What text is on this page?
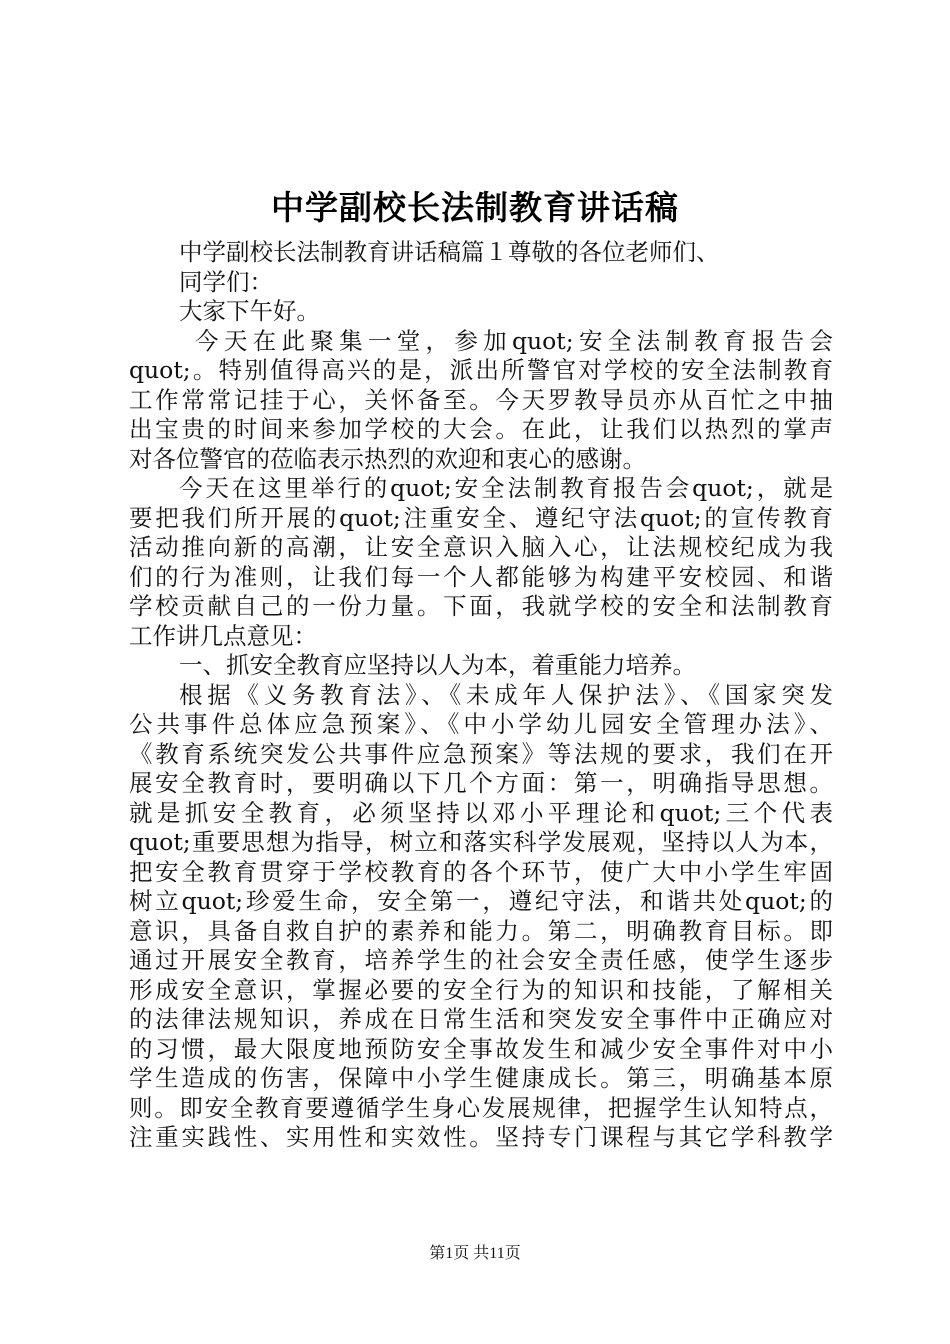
中学副校长法制教育讲话稿
中学副校长法制教育讲话稿篇１尊敬的各位老师们、
同学们：
大家下午好。
今天在此聚集一堂，参加quot;安全法制教育报告会
quot;。特别值得高兴的是，派出所警官对学校的安全法制教育
工作常常记挂于心，关怀备至。今天罗教导员亦从百忙之中抽
出宝贵的时间来参加学校的大会。在此，让我们以热烈的掌声
对各位警官的莅临表示热烈的欢迎和衷心的感谢。
今天在这里举行的quot;安全法制教育报告会quot;，就是
要把我们所开展的quot;注重安全、遵纪守法quot;的宣传教育
活动推向新的高潮，让安全意识入脑入心，让法规校纪成为我
们的行为准则，让我们每一个人都能够为构建平安校园、和谐
学校贡献自己的一份力量。下面，我就学校的安全和法制教育
工作讲几点意见：
一、抓安全教育应坚持以人为本，着重能力培养。
根据《义务教育法》、《未成年人保护法》、《国家突发
公共事件总体应急预案》、《中小学幼儿园安全管理办法》、
《教育系统突发公共事件应急预案》等法规的要求，我们在开
展安全教育时，要明确以下几个方面：第一，明确指导思想。
就是抓安全教育，必须坚持以邓小平理论和quot;三个代表
quot;重要思想为指导，树立和落实科学发展观，坚持以人为本，
把安全教育贯穿于学校教育的各个环节，使广大中小学生牢固
树立quot;珍爱生命，安全第一，遵纪守法，和谐共处quot;的
意识，具备自救自护的素养和能力。第二，明确教育目标。即
通过开展安全教育，培养学生的社会安全责任感，使学生逐步
形成安全意识，掌握必要的安全行为的知识和技能，了解相关
的法律法规知识，养成在日常生活和突发安全事件中正确应对
的习惯，最大限度地预防安全事故发生和减少安全事件对中小
学生造成的伤害，保障中小学生健康成长。第三，明确基本原
则。即安全教育要遵循学生身心发展规律，把握学生认知特点，
注重实践性、实用性和实效性。坚持专门课程与其它学科教学
第1页 共11页
